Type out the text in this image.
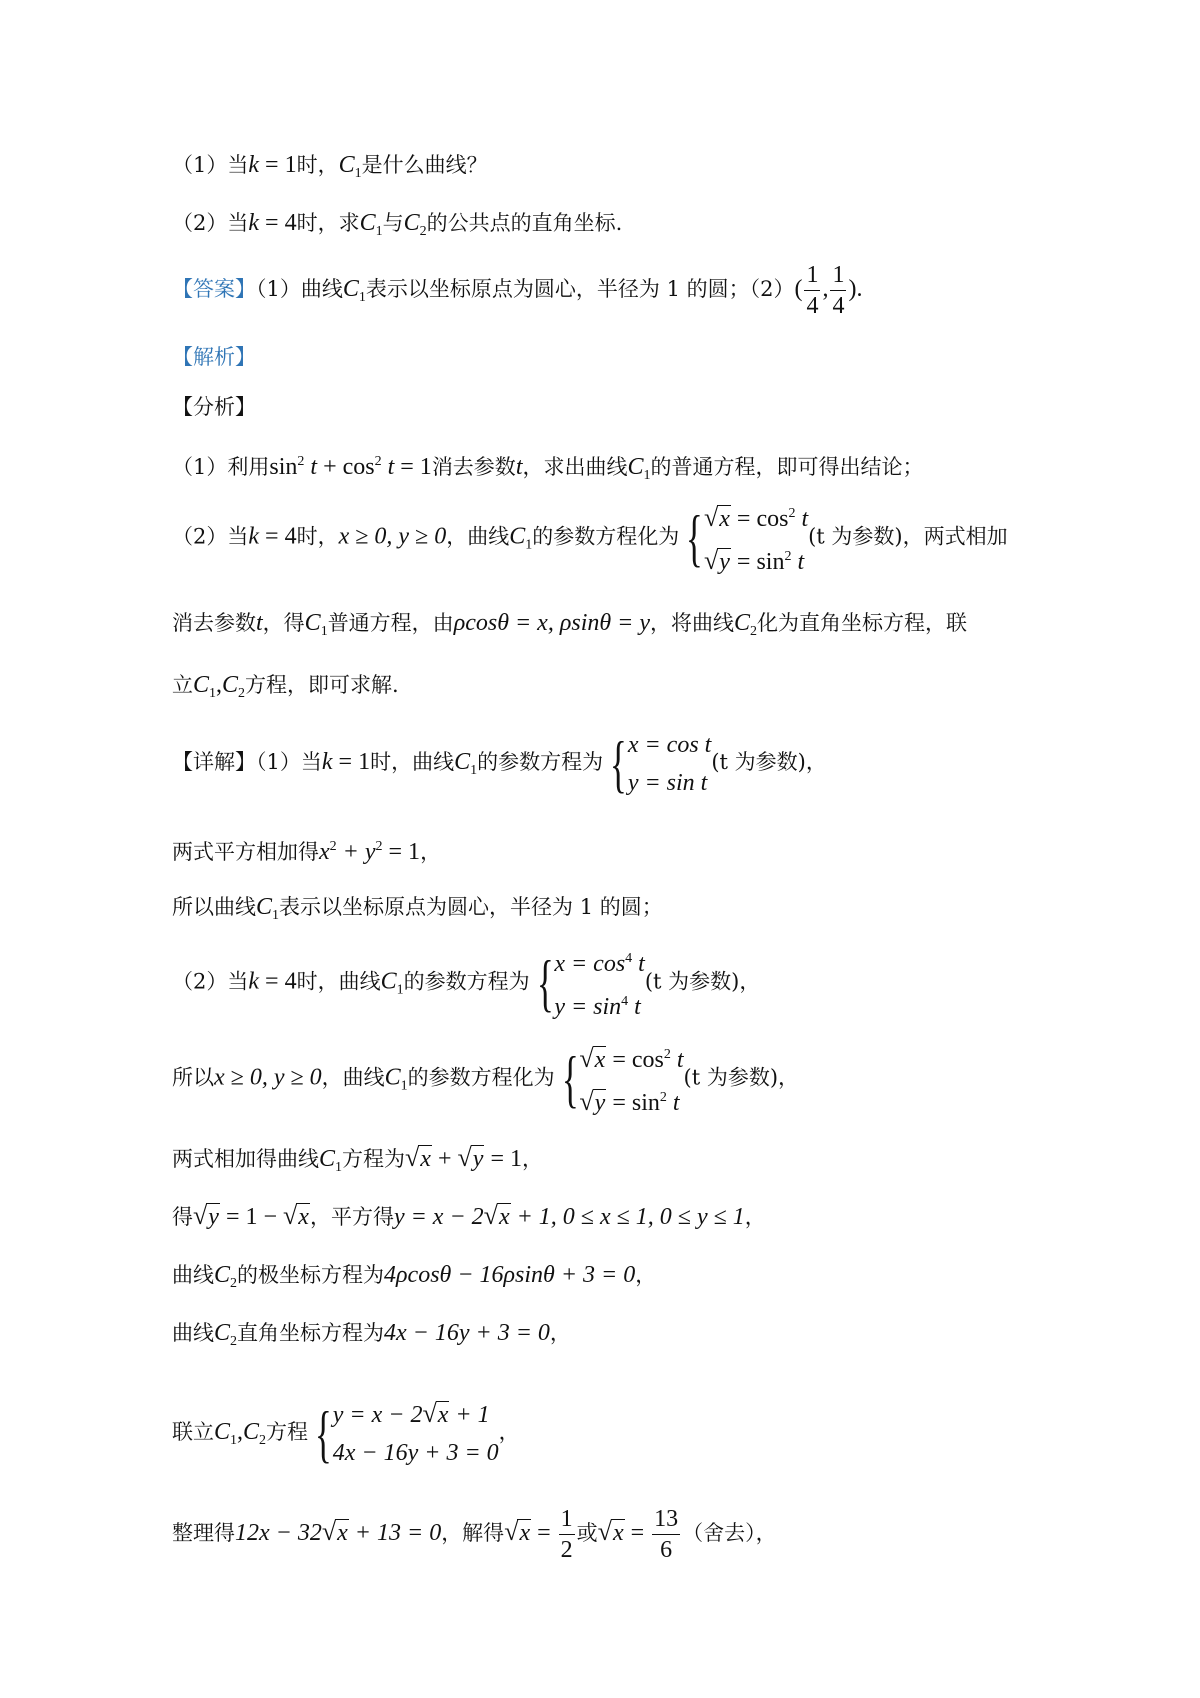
（1）当k = 1时，$C_1$是什么曲线？
（2）当k = 4时，求$C_1$与$C_2$的公共点的直角坐标.
【答案】（1）曲线$C_1$表示以坐标原点为圆心，半径为 1 的圆；$(2)( \frac{1}{4}$ , $\frac{1}{4}$ ).
【解析】
【分析】
（1）利用$\sin^2 t + \cos^2 t = 1$消去参数t，求出曲线$C_1$的普通方程，即可得出结论；
（2）当k = 4时，x ≥ 0, y ≥ 0，曲线$C_1$的参数方程化为 { $√x = \cos^2 t$
$√y = \sin^2 t$
(t 为参数)，两式相加
消去参数t，得$C_1$普通方程，由ρcosθ = x, ρsinθ = y，将曲线$C_2$化为直角坐标方程，联
立$C_1,C_2$方程，即可求解.
【详解】（1）当k = 1时，曲线$C_1$的参数方程为 { x = cos t
y = sin t
(t 为参数)，
两式平方相加得$x^2 + y^2 = 1$，
所以曲线$C_1$表示以坐标原点为圆心，半径为 1 的圆；
（2）当k = 4时，曲线$C_1$的参数方程为 { $x = \cos^4 t$
$y = \sin^4 t$
(t 为参数)，
所以x ≥ 0, y ≥ 0，曲线$C_1$的参数方程化为 { $√x = \cos^2 t$
$√y = \sin^2 t$
(t 为参数)，
两式相加得曲线$C_1$方程为√x + √y = 1，
得√y = 1 − √x，平方得y = x − 2√x + 1, 0 ≤ x ≤ 1, 0 ≤ y ≤ 1，
曲线$C_2$的极坐标方程为4ρcosθ − 16ρsinθ + 3 = 0，
曲线$C_2$直角坐标方程为4x − 16y + 3 = 0，
联立$C_1,C_2$方程 { y = x − 2√x + 1
4x − 16y + 3 = 0
，
整理得12x − 32√x + 13 = 0，解得$√x = \frac{1}{2}$ 或$√x = \frac{13}{6}$ （舍去），
